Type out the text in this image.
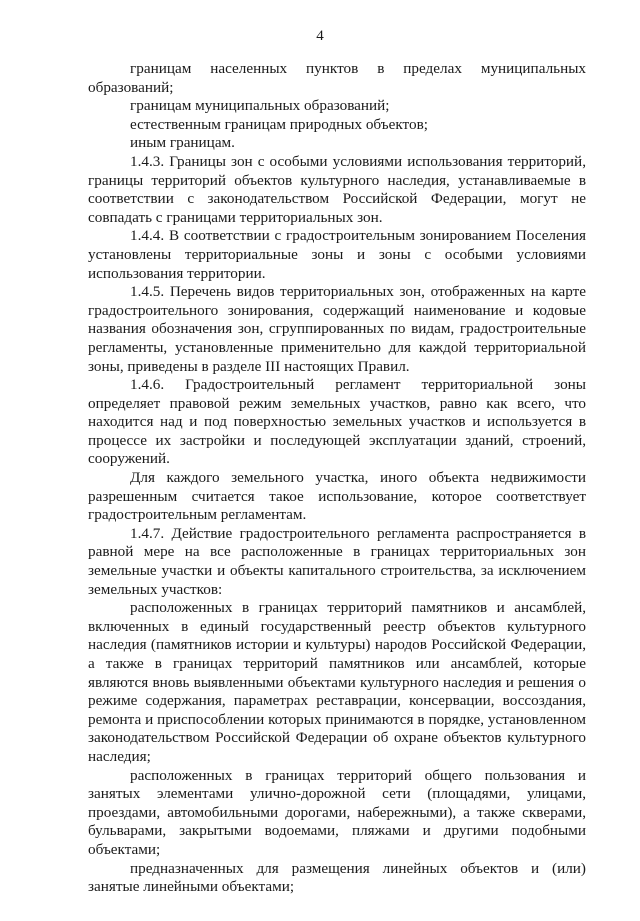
4

границам населенных пунктов в пределах муниципальных образований;

границам муниципальных образований;

естественным границам природных объектов;

иным границам.

1.4.3. Границы зон с особыми условиями использования территорий, границы территорий объектов культурного наследия, устанавливаемые в соответствии с законодательством Российской Федерации, могут не совпадать с границами территориальных зон.

1.4.4. В соответствии с градостроительным зонированием Поселения установлены территориальные зоны и зоны с особыми условиями использования территории.

1.4.5. Перечень видов территориальных зон, отображенных на карте градостроительного зонирования, содержащий наименование и кодовые названия обозначения зон, сгруппированных по видам, градостроительные регламенты, установленные применительно для каждой территориальной зоны, приведены в разделе III настоящих Правил.

1.4.6. Градостроительный регламент территориальной зоны определяет правовой режим земельных участков, равно как всего, что находится над и под поверхностью земельных участков и используется в процессе их застройки и последующей эксплуатации зданий, строений, сооружений.

Для каждого земельного участка, иного объекта недвижимости разрешенным считается такое использование, которое соответствует градостроительным регламентам.

1.4.7. Действие градостроительного регламента распространяется в равной мере на все расположенные в границах территориальных зон земельные участки и объекты капитального строительства, за исключением земельных участков:

расположенных в границах территорий памятников и ансамблей, включенных в единый государственный реестр объектов культурного наследия (памятников истории и культуры) народов Российской Федерации, а также в границах территорий памятников или ансамблей, которые являются вновь выявленными объектами культурного наследия и решения о режиме содержания, параметрах реставрации, консервации, воссоздания, ремонта и приспособлении которых принимаются в порядке, установленном законодательством Российской Федерации об охране объектов культурного наследия;

расположенных в границах территорий общего пользования и занятых элементами улично-дорожной сети (площадями, улицами, проездами, автомобильными дорогами, набережными), а также скверами, бульварами, закрытыми водоемами, пляжами и другими подобными объектами;

предназначенных для размещения линейных объектов и (или) занятые линейными объектами;
